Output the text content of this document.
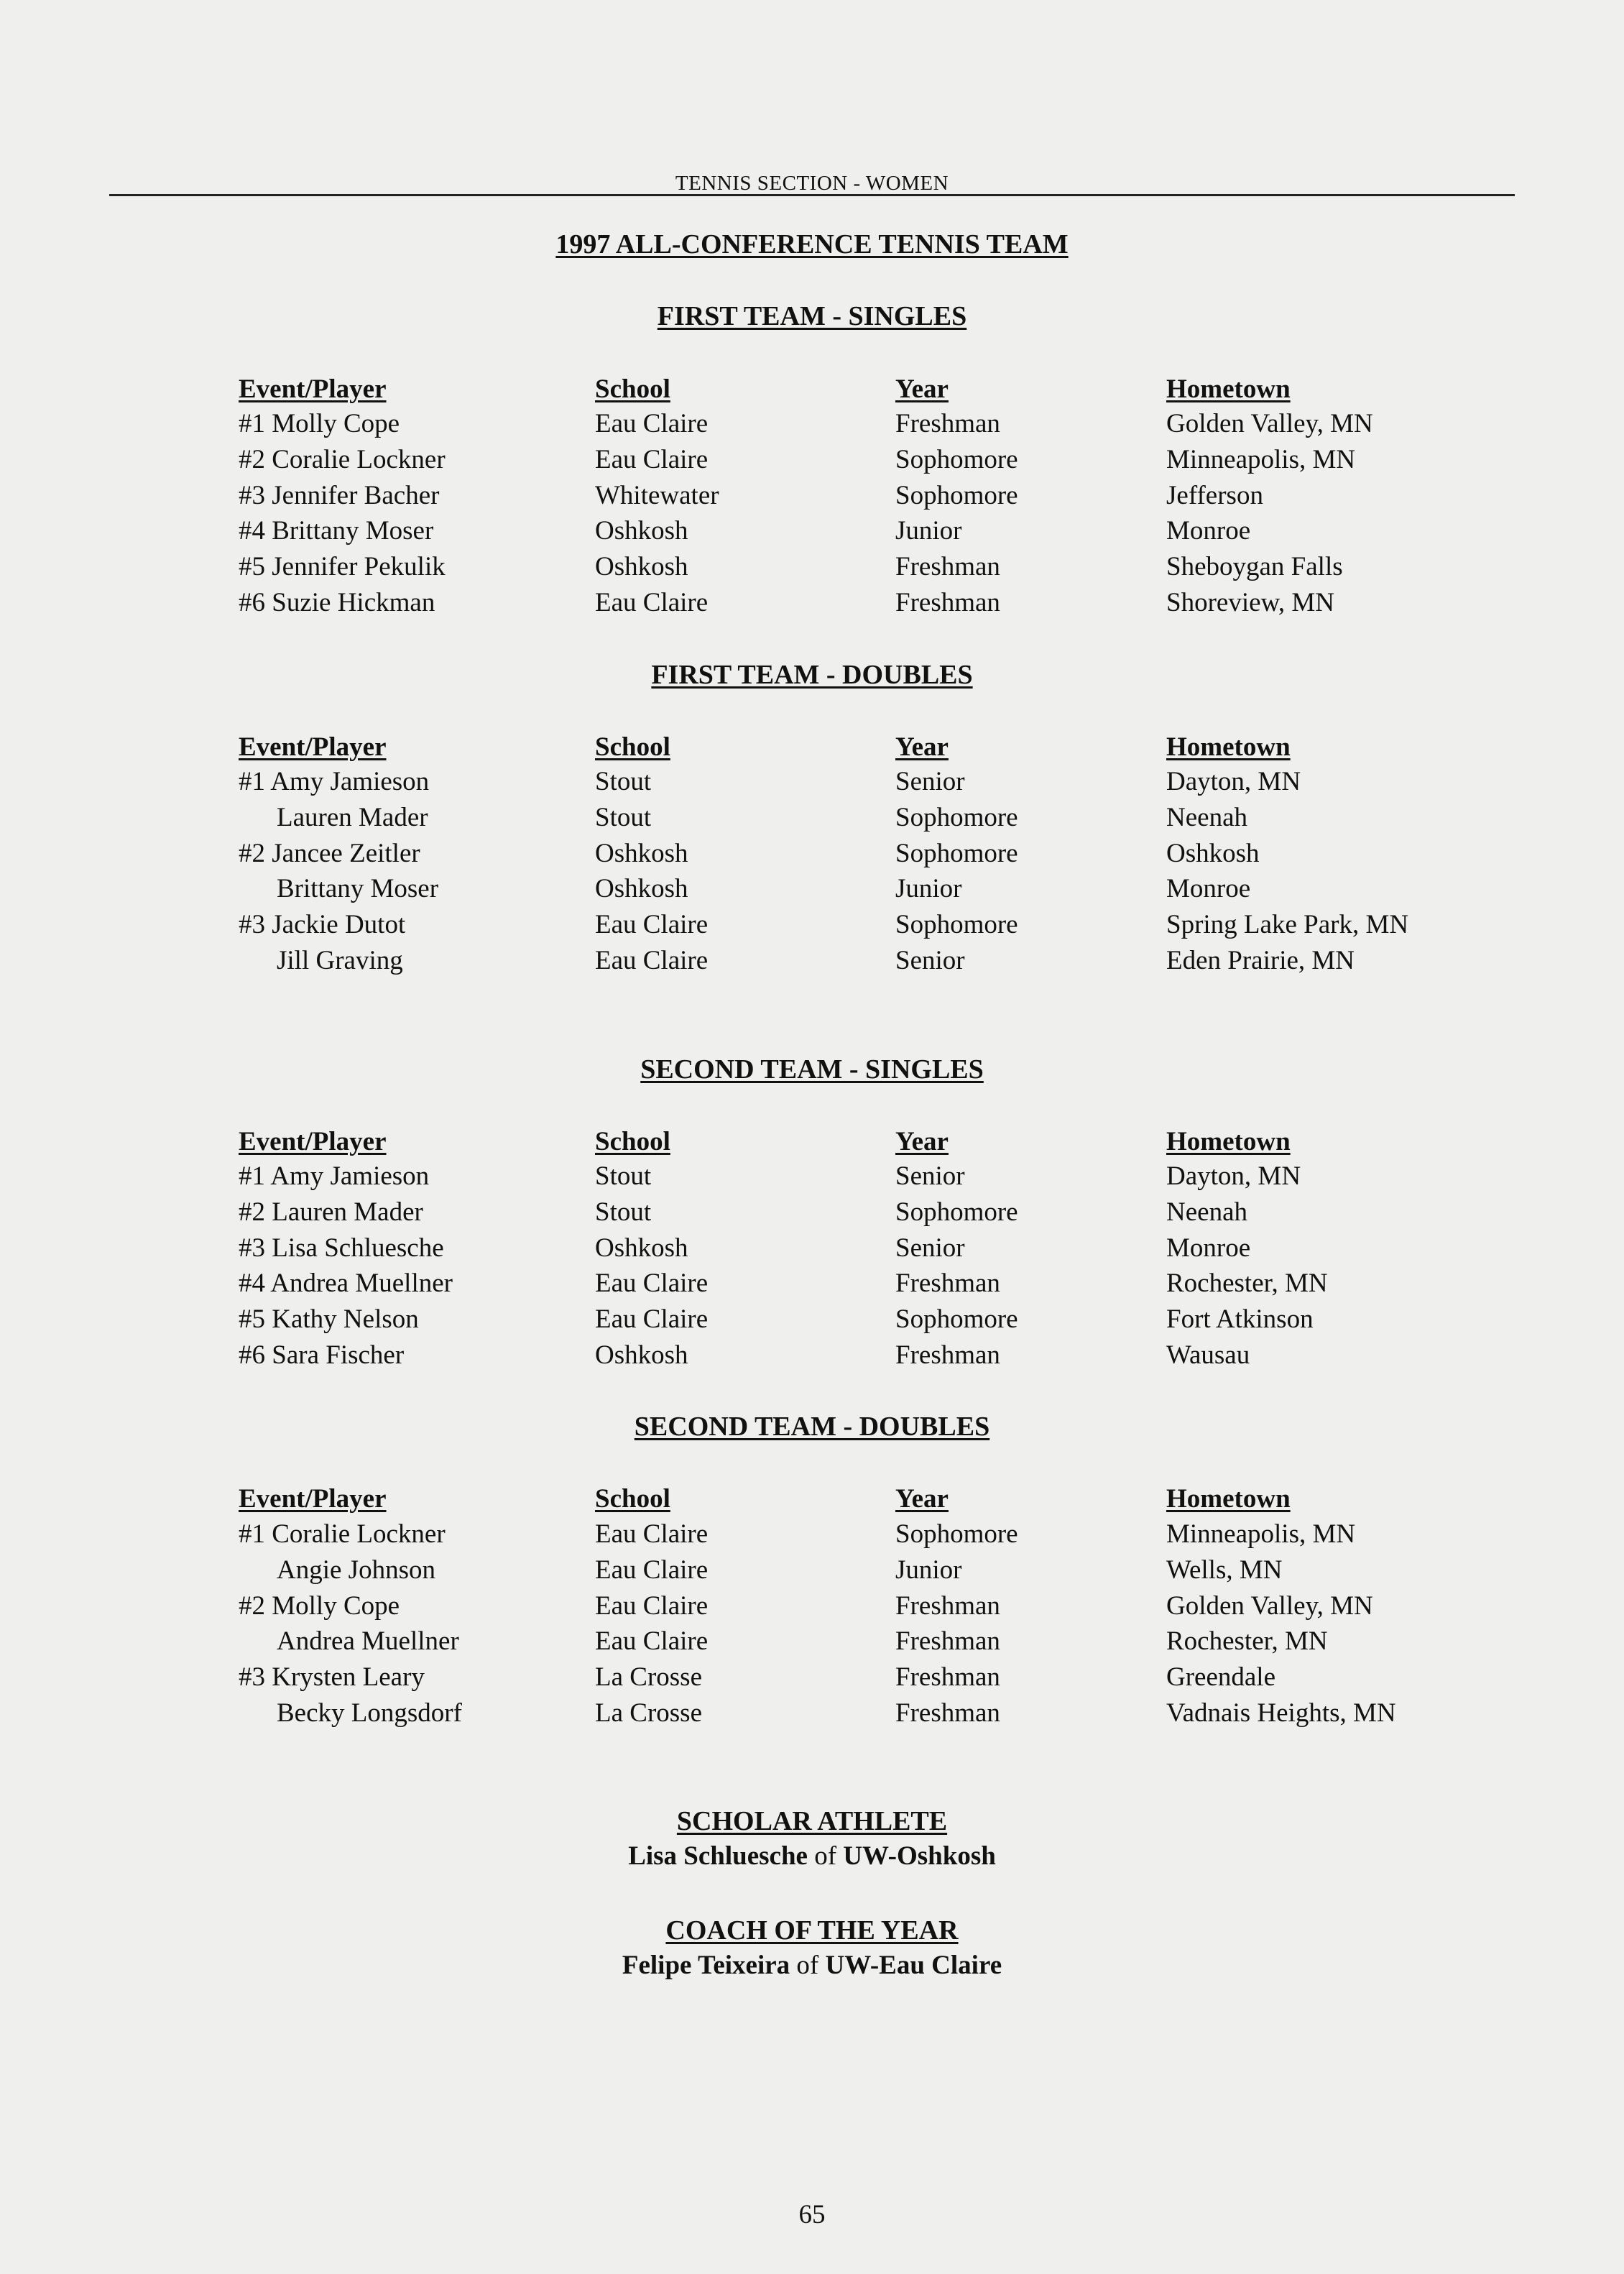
TENNIS SECTION - WOMEN
1997 ALL-CONFERENCE TENNIS TEAM
FIRST TEAM - SINGLES
Event/Player	School	Year	Hometown
#1 Molly Cope	Eau Claire	Freshman	Golden Valley, MN
#2 Coralie Lockner	Eau Claire	Sophomore	Minneapolis, MN
#3 Jennifer Bacher	Whitewater	Sophomore	Jefferson
#4 Brittany Moser	Oshkosh	Junior	Monroe
#5 Jennifer Pekulik	Oshkosh	Freshman	Sheboygan Falls
#6 Suzie Hickman	Eau Claire	Freshman	Shoreview, MN
FIRST TEAM - DOUBLES
Event/Player	School	Year	Hometown
#1 Amy Jamieson	Stout	Senior	Dayton, MN
Lauren Mader	Stout	Sophomore	Neenah
#2 Jancee Zeitler	Oshkosh	Sophomore	Oshkosh
Brittany Moser	Oshkosh	Junior	Monroe
#3 Jackie Dutot	Eau Claire	Sophomore	Spring Lake Park, MN
Jill Graving	Eau Claire	Senior	Eden Prairie, MN
SECOND TEAM - SINGLES
Event/Player	School	Year	Hometown
#1 Amy Jamieson	Stout	Senior	Dayton, MN
#2 Lauren Mader	Stout	Sophomore	Neenah
#3 Lisa Schluesche	Oshkosh	Senior	Monroe
#4 Andrea Muellner	Eau Claire	Freshman	Rochester, MN
#5 Kathy Nelson	Eau Claire	Sophomore	Fort Atkinson
#6 Sara Fischer	Oshkosh	Freshman	Wausau
SECOND TEAM - DOUBLES
Event/Player	School	Year	Hometown
#1 Coralie Lockner	Eau Claire	Sophomore	Minneapolis, MN
Angie Johnson	Eau Claire	Junior	Wells, MN
#2 Molly Cope	Eau Claire	Freshman	Golden Valley, MN
Andrea Muellner	Eau Claire	Freshman	Rochester, MN
#3 Krysten Leary	La Crosse	Freshman	Greendale
Becky Longsdorf	La Crosse	Freshman	Vadnais Heights, MN
SCHOLAR ATHLETE
Lisa Schluesche of UW-Oshkosh
COACH OF THE YEAR
Felipe Teixeira of UW-Eau Claire
65
